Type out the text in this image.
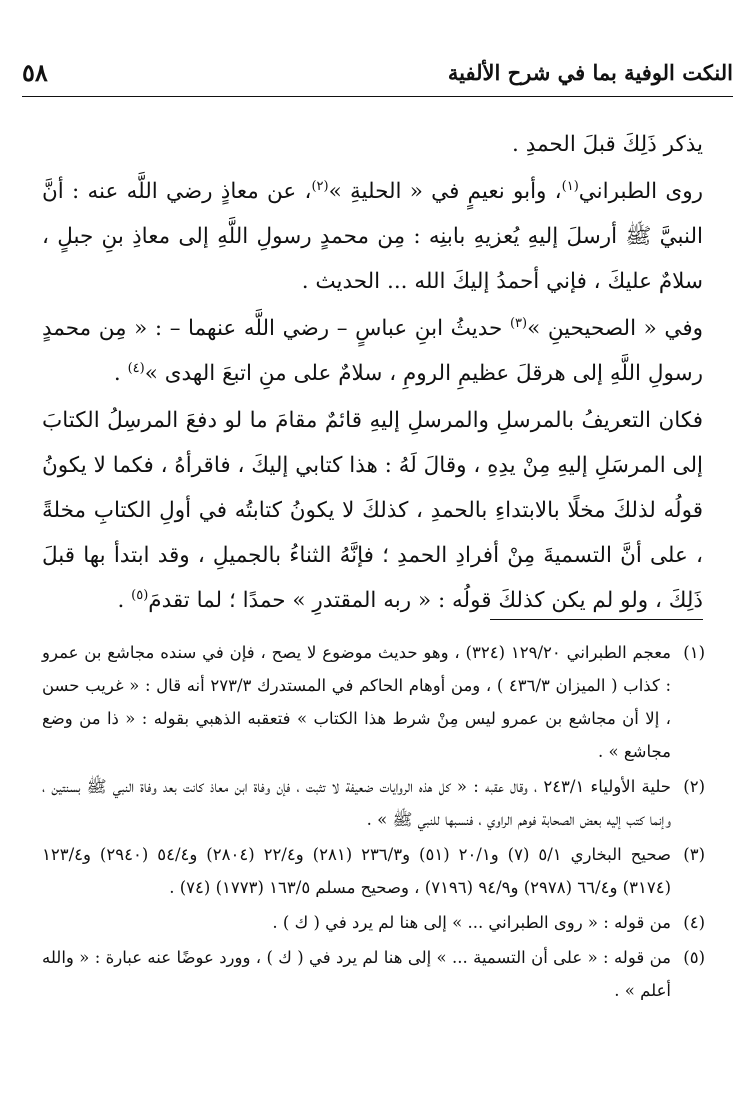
النكت الوفية بما في شرح الألفية
٥٨

يذكر ذَلِكَ قبلَ الحمدِ .

روى الطبراني$^{(١)}$، وأبو نعيمٍ في « الحليةِ »$^{(٢)}$، عن معاذٍ رضي اللَّه عنه : أنَّ النبيَّ ﷺ أرسلَ إليهِ يُعزيهِ بابنِه : مِن محمدٍ رسولِ اللَّهِ إلى معاذِ بنِ جبلٍ ، سلامٌ عليكَ ، فإني أحمدُ إليكَ الله ... الحديث .

وفي « الصحيحينِ »$^{(٣)}$ حديثُ ابنِ عباسٍ – رضي اللَّه عنهما – : « مِن محمدٍ رسولِ اللَّهِ إلى هرقلَ عظيمِ الرومِ ، سلامٌ على منِ اتبعَ الهدى »$^{(٤)}$ .

فكان التعريفُ بالمرسلِ والمرسلِ إليهِ قائمٌ مقامَ ما لو دفعَ المرسِلُ الكتابَ إلى المرسَلِ إليهِ مِنْ يدِهِ ، وقالَ لَهُ : هذا كتابي إليكَ ، فاقرأهُ ، فكما لا يكونُ قولُه لذلكَ مخلًا بالابتداءِ بالحمدِ ، كذلكَ لا يكونُ كتابتُه في أولِ الكتابِ مخلةً ، على أنَّ التسميةَ مِنْ أفرادِ الحمدِ ؛ فإنَّهُ الثناءُ بالجميلِ ، وقد ابتدأ بها قبلَ ذَلِكَ ، ولو لم يكن كذلكَ قولُه : « ربه المقتدرِ » حمدًا ؛ لما تقدمَ$^{(٥)}$ .

(١)
معجم الطبراني ١٢٩/٢٠ (٣٢٤) ، وهو حديث موضوع لا يصح ، فإن في سنده مجاشع بن عمرو : كذاب ( الميزان ٤٣٦/٣ ) ، ومن أوهام الحاكم في المستدرك ٢٧٣/٣ أنه قال : « غريب حسن ، إلا أن مجاشع بن عمرو ليس مِنْ شرط هذا الكتاب » فتعقبه الذهبي بقوله : « ذا من وضع مجاشع » .
(٢)
حلية الأولياء ٢٤٣/١ ، وقال عقبه : « كل هذه الروايات ضعيفة لا تثبت ، فإن وفاة ابن معاذ كانت بعد وفاة النبي ﷺ بسنتين ، وإنما كتب إليه بعض الصحابة فوهم الراوي ، فنسبها للنبي ﷺ » .
(٣)
صحيح البخاري ٥/١ (٧) و٢٠/١ (٥١) و٢٣٦/٣ (٢٨١) و٢٢/٤ (٢٨٠٤) و٥٤/٤ (٢٩٤٠) و١٢٣/٤ (٣١٧٤) و٦٦/٤ (٢٩٧٨) و٩٤/٩ (٧١٩٦) ، وصحيح مسلم ١٦٣/٥ (١٧٧٣) (٧٤) .
(٤)
من قوله : « روى الطبراني ... » إلى هنا لم يرد في ( ك ) .
(٥)
من قوله : « على أن التسمية ... » إلى هنا لم يرد في ( ك ) ، وورد عوضًا عنه عبارة : « والله أعلم » .
